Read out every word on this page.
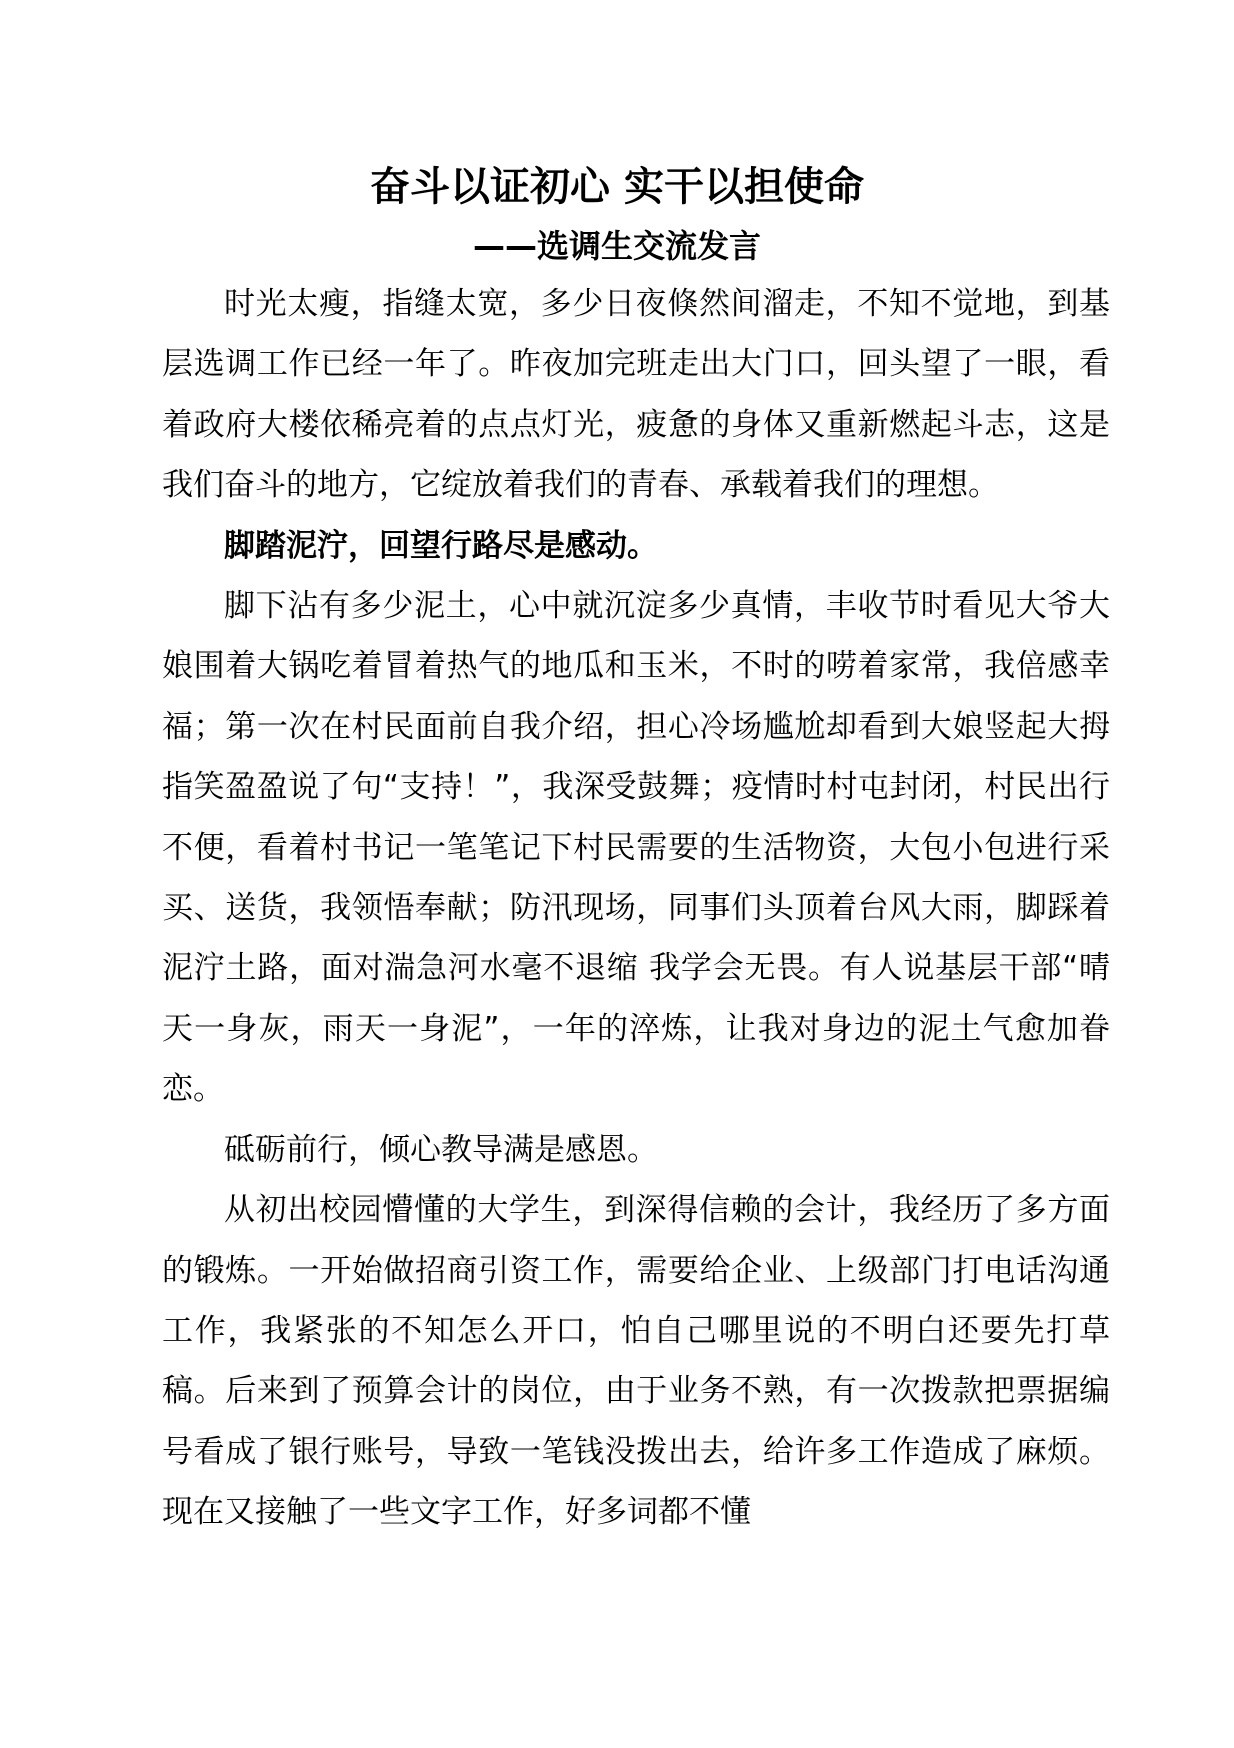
奋斗以证初心 实干以担使命
——选调生交流发言

时光太瘦，指缝太宽，多少日夜倏然间溜走，不知不觉地，到基层选调工作已经一年了。昨夜加完班走出大门口，回头望了一眼，看着政府大楼依稀亮着的点点灯光，疲惫的身体又重新燃起斗志，这是我们奋斗的地方，它绽放着我们的青春、承载着我们的理想。

脚踏泥泞，回望行路尽是感动。

脚下沾有多少泥土，心中就沉淀多少真情，丰收节时看见大爷大娘围着大锅吃着冒着热气的地瓜和玉米，不时的唠着家常，我倍感幸福；第一次在村民面前自我介绍，担心冷场尴尬却看到大娘竖起大拇指笑盈盈说了句“支持！”，我深受鼓舞；疫情时村屯封闭，村民出行不便，看着村书记一笔笔记下村民需要的生活物资，大包小包进行采买、送货，我领悟奉献；防汛现场，同事们头顶着台风大雨，脚踩着泥泞土路，面对湍急河水毫不退缩 我学会无畏。有人说基层干部“晴天一身灰，雨天一身泥”，一年的淬炼，让我对身边的泥土气愈加眷恋。

砥砺前行，倾心教导满是感恩。

从初出校园懵懂的大学生，到深得信赖的会计，我经历了多方面的锻炼。一开始做招商引资工作，需要给企业、上级部门打电话沟通工作，我紧张的不知怎么开口，怕自己哪里说的不明白还要先打草稿。后来到了预算会计的岗位，由于业务不熟，有一次拨款把票据编号看成了银行账号，导致一笔钱没拨出去，给许多工作造成了麻烦。现在又接触了一些文字工作，好多词都不懂
